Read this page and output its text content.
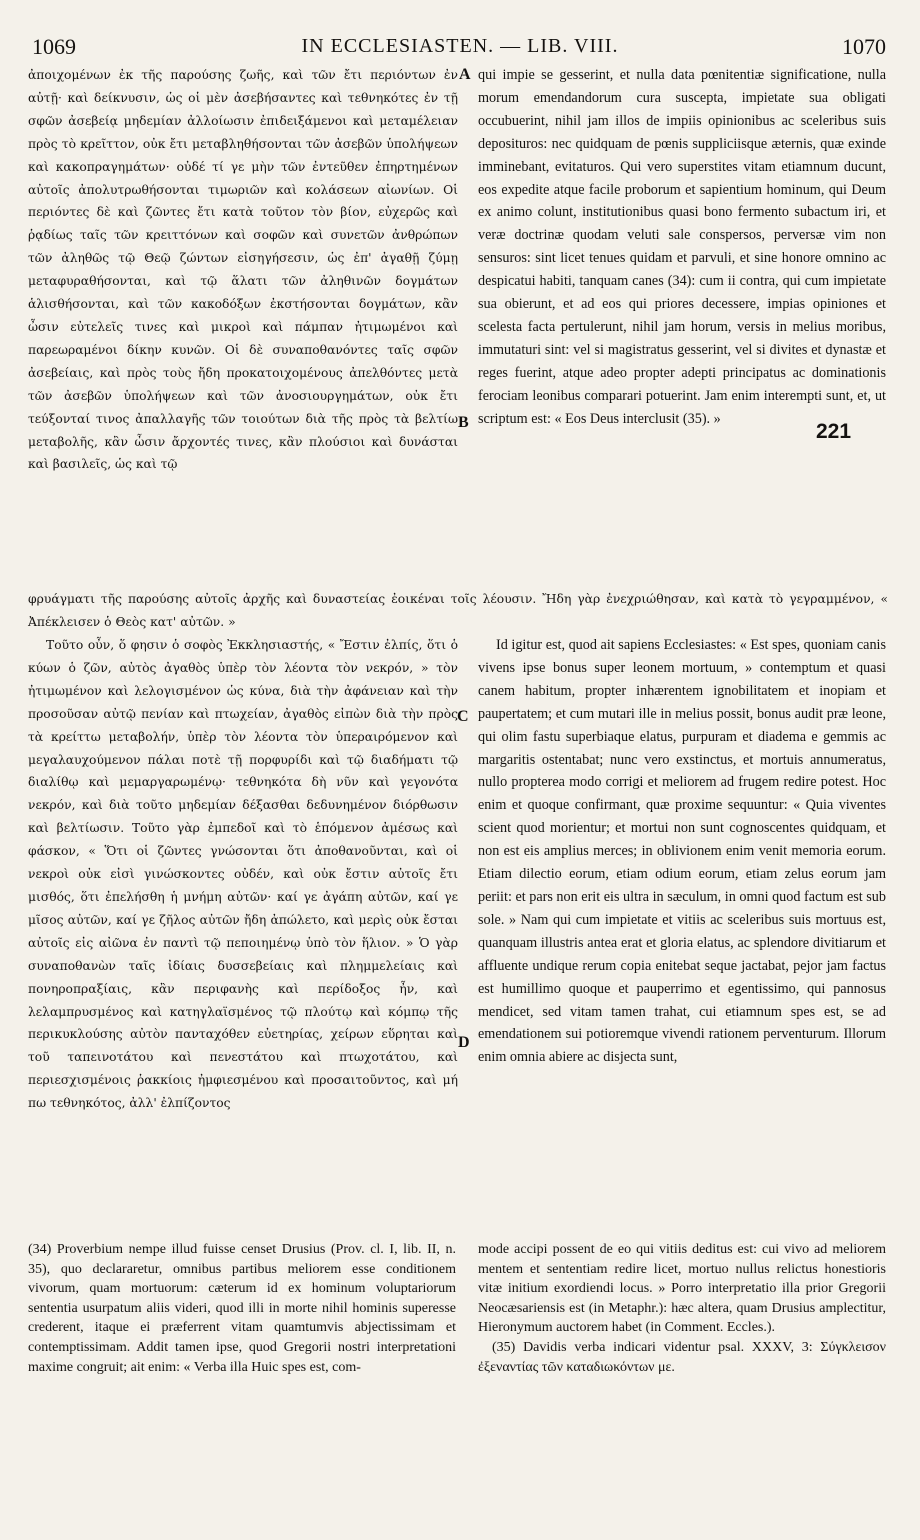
1069	IN ECCLESIASTEN. — LIB. VIII.	1070

ἀποιχομένων ἐκ τῆς παρούσης ζωῆς, καὶ τῶν ἔτι περιόντων ἐν αὐτῇ· καὶ δείκνυσιν, ὡς οἱ μὲν ἀσεβήσαντες καὶ τεθνηκότες ἐν τῇ σφῶν ἀσεβείᾳ μηδεμίαν ἀλλοίωσιν ἐπιδειξάμενοι καὶ μεταμέλειαν πρὸς τὸ κρεῖττον, οὐκ ἔτι μεταβληθήσονται τῶν ἀσεβῶν ὑπολήψεων καὶ κακοπραγημάτων· οὐδέ τί γε μὴν τῶν ἐντεῦθεν ἐπηρτημένων αὐτοῖς ἀπολυτρωθήσονται τιμωριῶν καὶ κολάσεων αἰωνίων. Οἱ περιόντες δὲ καὶ ζῶντες ἔτι κατὰ τοῦτον τὸν βίον, εὐχερῶς καὶ ῥᾳδίως ταῖς τῶν κρειττόνων καὶ σοφῶν καὶ συνετῶν ἀνθρώπων τῶν ἀληθῶς τῷ Θεῷ ζώντων εἰσηγήσεσιν, ὡς ἐπ' ἀγαθῇ ζύμῃ μεταφυραθήσονται, καὶ τῷ ἅλατι τῶν ἀληθινῶν δογμάτων ἁλισθήσονται, καὶ τῶν κακοδόξων ἐκστήσονται δογμάτων, κἂν ὦσιν εὐτελεῖς τινες καὶ μικροὶ καὶ πάμπαν ἠτιμωμένοι καὶ παρεωραμένοι δίκην κυνῶν. Οἱ δὲ συναποθανόντες ταῖς σφῶν ἀσεβείαις, καὶ πρὸς τοὺς ἤδη προκατοιχομένους ἀπελθόντες μετὰ τῶν ἀσεβῶν ὑπολήψεων καὶ τῶν ἀνοσιουργημάτων, οὐκ ἔτι τεύξονταί τινος ἀπαλλαγῆς τῶν τοιούτων διὰ τῆς πρὸς τὰ βελτίω μεταβολῆς, κἂν ὦσιν ἄρχοντές τινες, κἂν πλούσιοι καὶ δυνάσται καὶ βασιλεῖς, ὡς καὶ τῷ

φρυάγματι τῆς παρούσης αὐτοῖς ἀρχῆς καὶ δυναστείας ἐοικέναι τοῖς λέουσιν. Ἤδη γὰρ ἐνεχριώθησαν, καὶ κατὰ τὸ γεγραμμένον, « Ἀπέκλεισεν ὁ Θεὸς κατ' αὐτῶν. »

Τοῦτο οὖν, ὅ φησιν ὁ σοφὸς Ἐκκλησιαστής, « Ἔστιν ἐλπίς, ὅτι ὁ κύων ὁ ζῶν, αὐτὸς ἀγαθὸς ὑπὲρ τὸν λέοντα τὸν νεκρόν, » τὸν ἠτιμωμένον καὶ λελογισμένον ὡς κύνα, διὰ τὴν ἀφάνειαν καὶ τὴν προσοῦσαν αὐτῷ πενίαν καὶ πτωχείαν, ἀγαθὸς εἰπὼν διὰ τὴν πρὸς τὰ κρείττω μεταβολήν, ὑπὲρ τὸν λέοντα τὸν ὑπεραιρόμενον καὶ μεγαλαυχούμενον πάλαι ποτὲ τῇ πορφυρίδι καὶ τῷ διαδήματι τῷ διαλίθῳ καὶ μεμαργαρωμένῳ· τεθνηκότα δὴ νῦν καὶ γεγονότα νεκρόν, καὶ διὰ τοῦτο μηδεμίαν δέξασθαι δεδυνημένον διόρθωσιν καὶ βελτίωσιν. Τοῦτο γὰρ ἐμπεδοῖ καὶ τὸ ἑπόμενον ἀμέσως καὶ φάσκον, « Ὅτι οἱ ζῶντες γνώσονται ὅτι ἀποθανοῦνται, καὶ οἱ νεκροὶ οὐκ εἰσὶ γινώσκοντες οὐδέν, καὶ οὐκ ἔστιν αὐτοῖς ἔτι μισθός, ὅτι ἐπελήσθη ἡ μνήμη αὐτῶν· καί γε ἀγάπη αὐτῶν, καί γε μῖσος αὐτῶν, καί γε ζῆλος αὐτῶν ἤδη ἀπώλετο, καὶ μερὶς οὐκ ἔσται αὐτοῖς εἰς αἰῶνα ἐν παντὶ τῷ πεποιημένῳ ὑπὸ τὸν ἥλιον. » Ὁ γὰρ συναποθανὼν ταῖς ἰδίαις δυσσεβείαις καὶ πλημμελείαις καὶ πονηροπραξίαις, κἂν περιφανὴς καὶ περίδοξος ἦν, καὶ λελαμπρυσμένος καὶ κατηγλαϊσμένος τῷ πλούτῳ καὶ κόμπῳ τῆς περικυκλούσης αὐτὸν πανταχόθεν εὐετηρίας, χείρων εὕρηται καὶ τοῦ ταπεινοτάτου καὶ πενεστάτου καὶ πτωχοτάτου, καὶ περιεσχισμένοις ῥακκίοις ἠμφιεσμένου καὶ προσαιτοῦντος, καὶ μή πω τεθνηκότος, ἀλλ' ἐλπίζοντος

qui impie se gesserint, et nulla data pœnitentiæ significatione, nulla morum emendandorum cura suscepta, impietate sua obligati occubuerint, nihil jam illos de impiis opinionibus ac sceleribus suis deposituros: nec quidquam de pœnis suppliciisque æternis, quæ exinde imminebant, evitaturos. Qui vero superstites vitam etiamnum ducunt, eos expedite atque facile proborum et sapientium hominum, qui Deum ex animo colunt, institutionibus quasi bono fermento subactum iri, et veræ doctrinæ quodam veluti sale conspersos, perversæ vim non sensuros: sint licet tenues quidam et parvuli, et sine honore omnino ac despicatui habiti, tanquam canes (34): cum ii contra, qui cum impietate sua obierunt, et ad eos qui priores decessere, impias opiniones et scelesta facta pertulerunt, nihil jam horum, versis in melius moribus, immutaturi sint: vel si magistratus gesserint, vel si divites et dynastæ et reges fuerint, atque adeo propter adepti principatus ac dominationis ferociam leonibus comparari potuerint. Jam enim interempti sunt, et, ut scriptum est: « Eos Deus interclusit (35). »

Id igitur est, quod ait sapiens Ecclesiastes: « Est spes, quoniam canis vivens ipse bonus super leonem mortuum, » contemptum et quasi canem habitum, propter inhærentem ignobilitatem et inopiam et paupertatem; et cum mutari ille in melius possit, bonus audit præ leone, qui olim fastu superbiaque elatus, purpuram et diadema e gemmis ac margaritis ostentabat; nunc vero exstinctus, et mortuis annumeratus, nullo propterea modo corrigi et meliorem ad frugem redire potest. Hoc enim et quoque confirmant, quæ proxime sequuntur: « Quia viventes scient quod morientur; et mortui non sunt cognoscentes quidquam, et non est eis amplius merces; in oblivionem enim venit memoria eorum. Etiam dilectio eorum, etiam odium eorum, etiam zelus eorum jam periit: et pars non erit eis ultra in sæculum, in omni quod factum est sub sole. » Nam qui cum impietate et vitiis ac sceleribus suis mortuus est, quanquam illustris antea erat et gloria elatus, ac splendore divitiarum et affluente undique rerum copia enitebat seque jactabat, pejor jam factus est humillimo quoque et pauperrimo et egentissimo, qui pannosus mendicet, sed vitam tamen trahat, cui etiamnum spes est, se ad emendationem sui potioremque vivendi rationem perventurum. Illorum enim omnia abiere ac disjecta sunt,

A
B
C
D
221

(34) Proverbium nempe illud fuisse censet Drusius (Prov. cl. I, lib. II, n. 35), quo declararetur, omnibus partibus meliorem esse conditionem vivorum, quam mortuorum: cæterum id ex hominum voluptariorum sententia usurpatum aliis videri, quod illi in morte nihil hominis superesse crederent, itaque ei præferrent vitam quamtumvis abjectissimam et contemptissimam. Addit tamen ipse, quod Gregorii nostri interpretationi maxime congruit; ait enim: « Verba illa Huic spes est, com-

mode accipi possent de eo qui vitiis deditus est: cui vivo ad meliorem mentem et sententiam redire licet, mortuo nullus relictus honestioris vitæ initium exordiendi locus. » Porro interpretatio illa prior Gregorii Neocæsariensis est (in Metaphr.): hæc altera, quam Drusius amplectitur, Hieronymum auctorem habet (in Comment. Eccles.).

(35) Davidis verba indicari videntur psal. XXXV, 3: Σύγκλεισον ἐξεναντίας τῶν καταδιωκόντων με.
